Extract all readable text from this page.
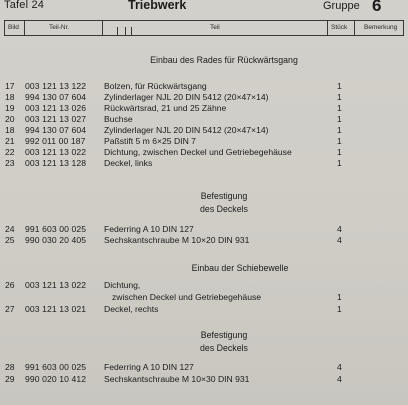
Tafel 24	Triebwerk	Gruppe 6
Bild	Teil-Nr.	Teil	Stück	Bemerkung
Einbau des Rades für Rückwärtsgang
17 003 121 13 122 Bolzen, für Rückwärtsgang	1
18 994 130 07 604 Zylinderlager NJL 20 DIN 5412 (20×47×14)	1
19 003 121 13 026 Rückwärtsrad, 21 und 25 Zähne	1
20 003 121 13 027 Buchse	1
18 994 130 07 604 Zylinderlager NJL 20 DIN 5412 (20×47×14)	1
21 992 011 00 187 Paßstift 5 m 6×25 DIN 7	1
22 003 121 13 022 Dichtung, zwischen Deckel und Getriebegehäuse	1
23 003 121 13 128 Deckel, links	1
Befestigung
des Deckels
24 991 603 00 025 Federring A 10 DIN 127	4
25 990 030 20 405 Sechskantschraube M 10×20 DIN 931	4
Einbau der Schiebewelle
26 003 121 13 022 Dichtung,
zwischen Deckel und Getriebegehäuse	1
27 003 121 13 021 Deckel, rechts	1
Befestigung
des Deckels
28 991 603 00 025 Federring A 10 DIN 127	4
29 990 020 10 412 Sechskantschraube M 10×30 DIN 931	4
